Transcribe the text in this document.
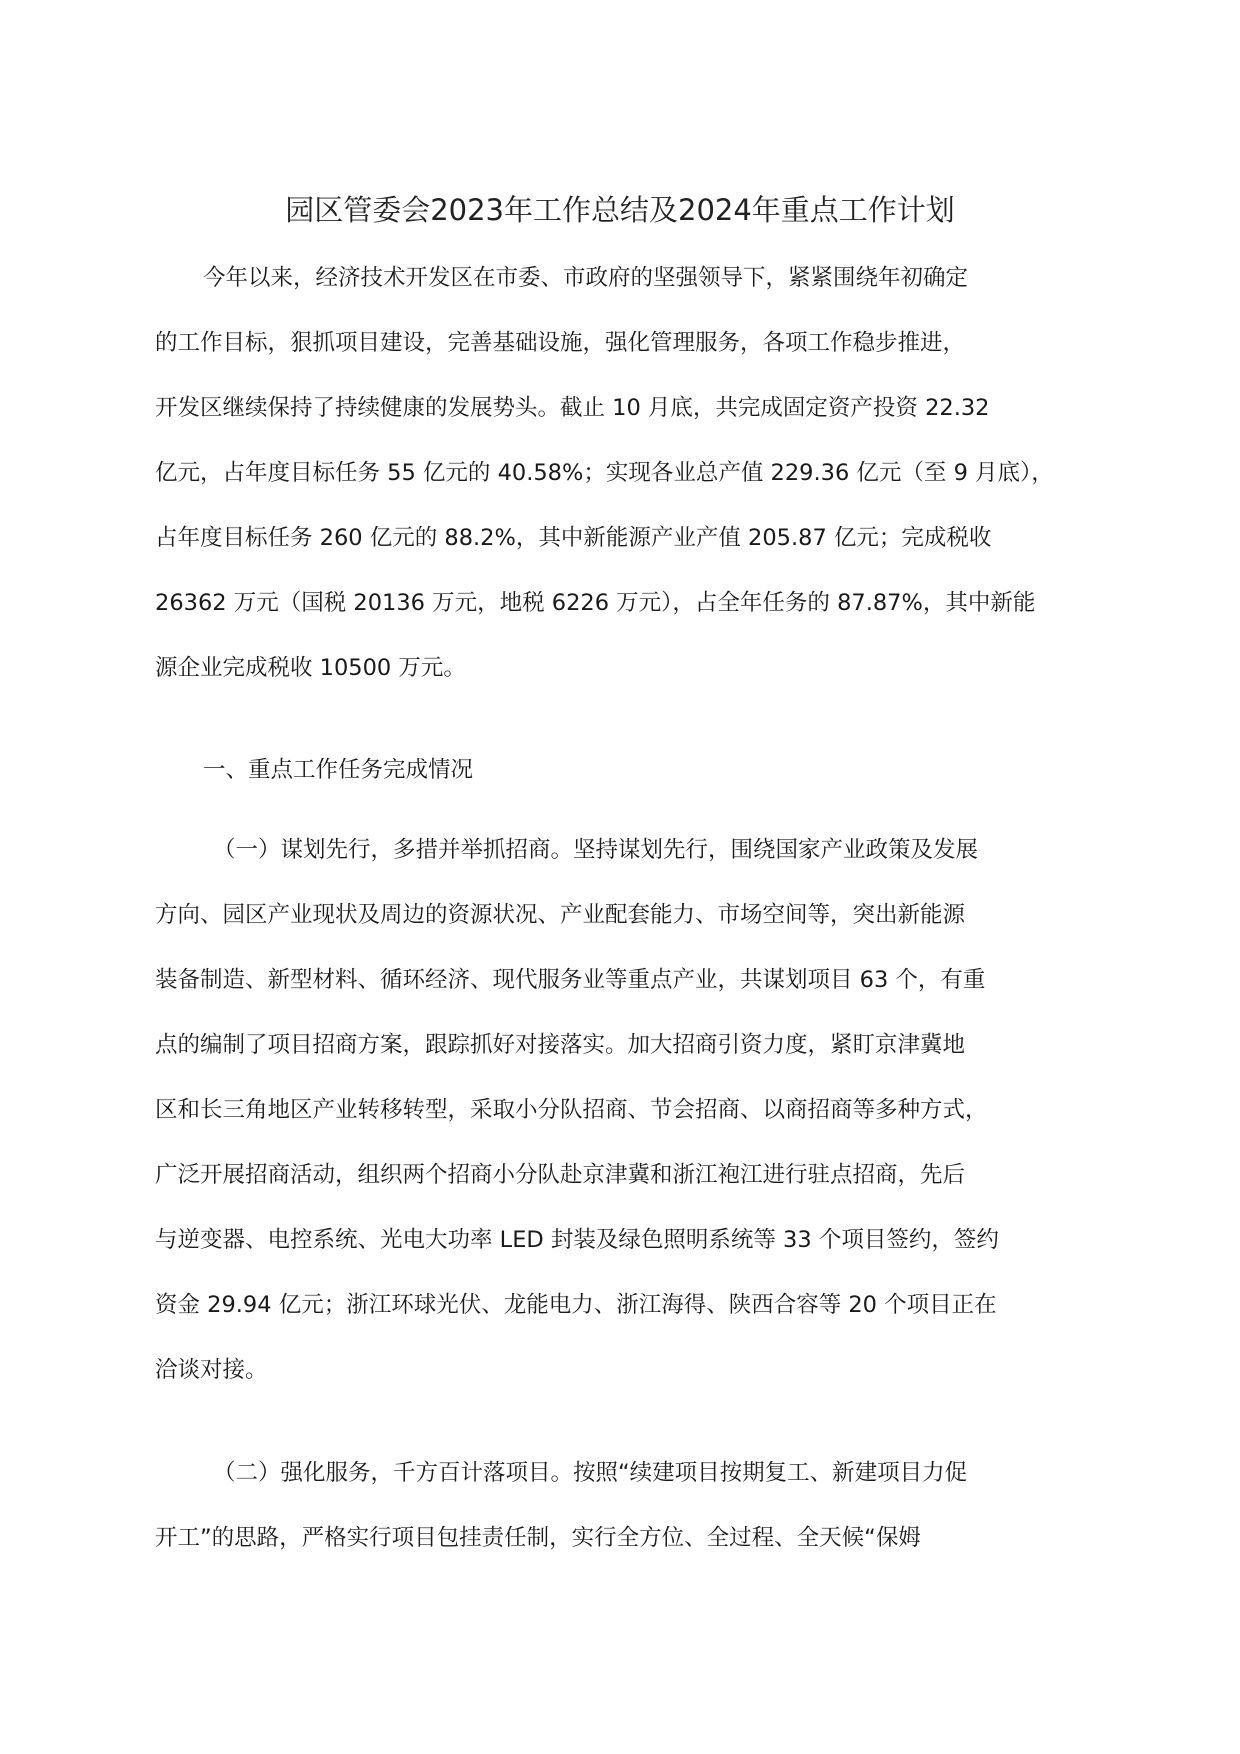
园区管委会2023年工作总结及2024年重点工作计划
今年以来，经济技术开发区在市委、市政府的坚强领导下，紧紧围绕年初确定
的工作目标，狠抓项目建设，完善基础设施，强化管理服务，各项工作稳步推进，
开发区继续保持了持续健康的发展势头。截止 10 月底，共完成固定资产投资 22.32
亿元，占年度目标任务 55 亿元的 40.58%；实现各业总产值 229.36 亿元（至 9 月底），
占年度目标任务 260 亿元的 88.2%，其中新能源产业产值 205.87 亿元；完成税收
26362 万元（国税 20136 万元，地税 6226 万元），占全年任务的 87.87%，其中新能
源企业完成税收 10500 万元。
一、重点工作任务完成情况
（一）谋划先行，多措并举抓招商。坚持谋划先行，围绕国家产业政策及发展
方向、园区产业现状及周边的资源状况、产业配套能力、市场空间等，突出新能源
装备制造、新型材料、循环经济、现代服务业等重点产业，共谋划项目 63 个，有重
点的编制了项目招商方案，跟踪抓好对接落实。加大招商引资力度，紧盯京津冀地
区和长三角地区产业转移转型，采取小分队招商、节会招商、以商招商等多种方式，
广泛开展招商活动，组织两个招商小分队赴京津冀和浙江袍江进行驻点招商，先后
与逆变器、电控系统、光电大功率 LED 封装及绿色照明系统等 33 个项目签约，签约
资金 29.94 亿元；浙江环球光伏、龙能电力、浙江海得、陕西合容等 20 个项目正在
洽谈对接。
（二）强化服务，千方百计落项目。按照“续建项目按期复工、新建项目力促
开工”的思路，严格实行项目包挂责任制，实行全方位、全过程、全天候“保姆
